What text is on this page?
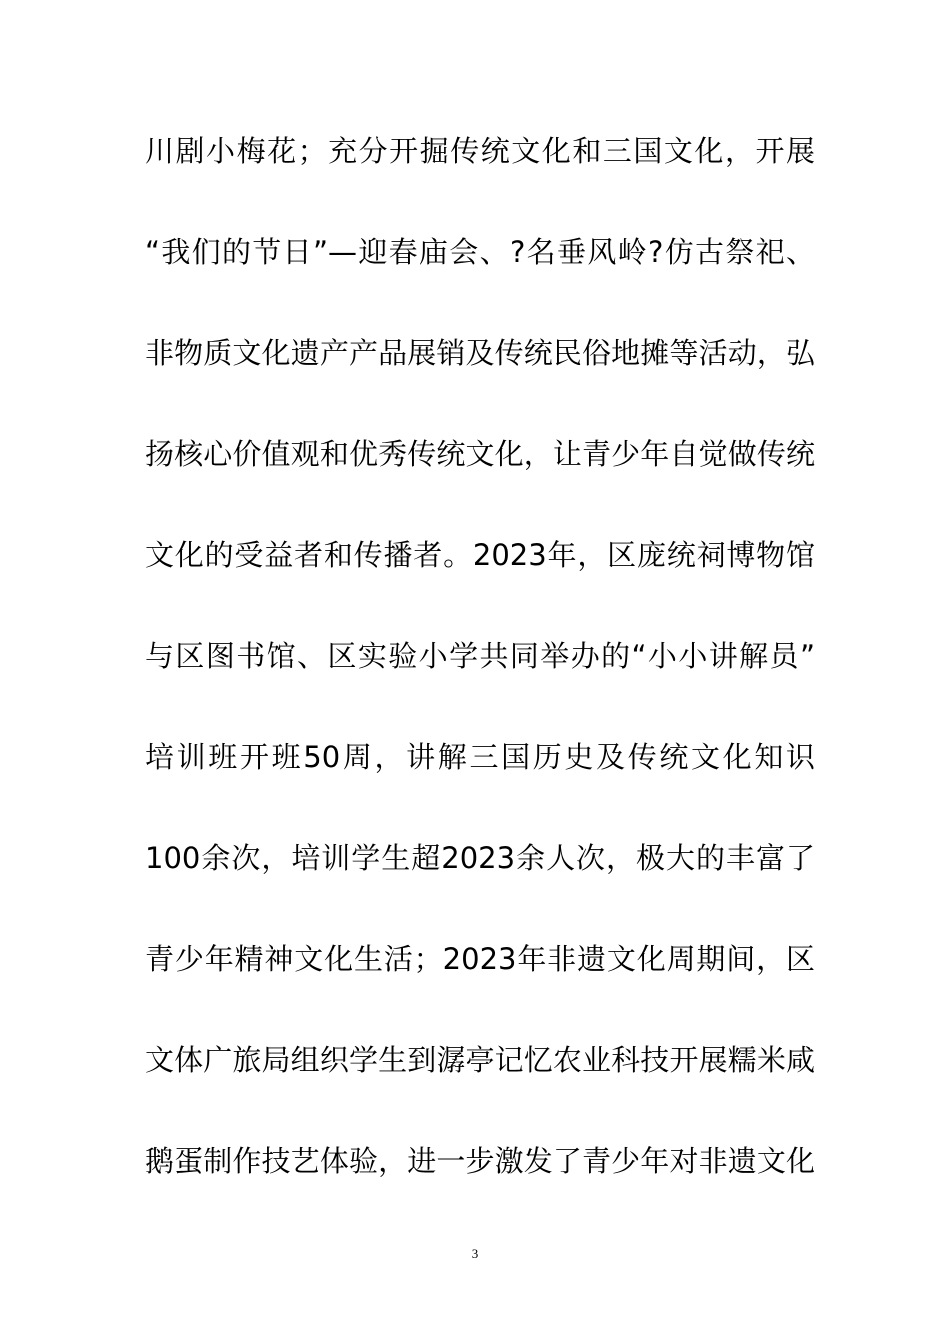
川剧小梅花；充分开掘传统文化和三国文化，开展
“我们的节日”—迎春庙会、?名垂风岭?仿古祭祀、
非物质文化遗产产品展销及传统民俗地摊等活动，弘
扬核心价值观和优秀传统文化，让青少年自觉做传统
文化的受益者和传播者。2023年，区庞统祠博物馆
与区图书馆、区实验小学共同举办的“小小讲解员”
培训班开班50周，讲解三国历史及传统文化知识
100余次，培训学生超2023余人次，极大的丰富了
青少年精神文化生活；2023年非遗文化周期间，区
文体广旅局组织学生到潺亭记忆农业科技开展糯米咸
鹅蛋制作技艺体验，进一步激发了青少年对非遗文化
3
